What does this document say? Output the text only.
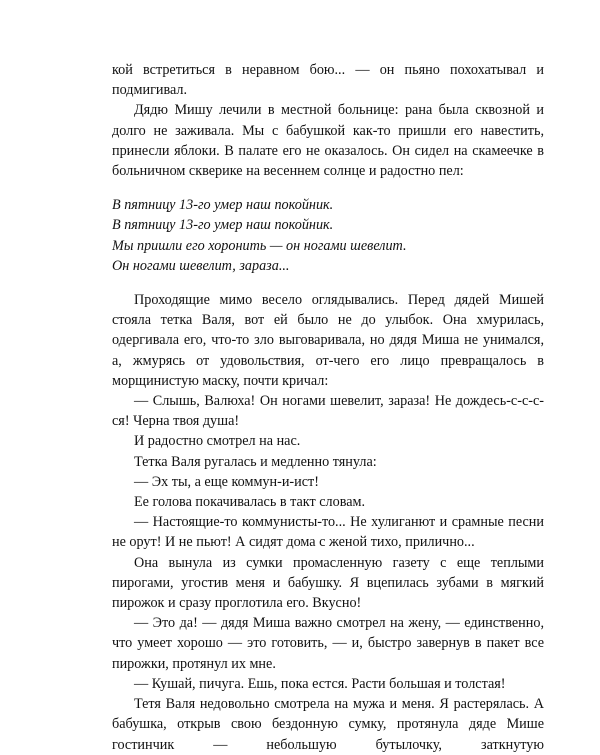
кой встретиться в неравном бою... — он пьяно похохатывал и подмигивал.

Дядю Мишу лечили в местной больнице: рана была сквозной и долго не заживала. Мы с бабушкой как-то пришли его навестить, принесли яблоки. В палате его не оказалось. Он сидел на скамеечке в больничном скверике на весеннем солнце и радостно пел:

В пятницу 13-го умер наш покойник.
В пятницу 13-го умер наш покойник.
Мы пришли его хоронить — он ногами шевелит.
Он ногами шевелит, зараза...

Проходящие мимо весело оглядывались. Перед дядей Мишей стояла тетка Валя, вот ей было не до улыбок. Она хмурилась, одергивала его, что-то зло выговаривала, но дядя Миша не унимался, а, жмурясь от удовольствия, от-чего его лицо превращалось в морщинистую маску, почти кричал:

— Слышь, Валюха! Он ногами шевелит, зараза! Не дождесь-с-с-с-ся! Черна твоя душа!

И радостно смотрел на нас.

Тетка Валя ругалась и медленно тянула:

— Эх ты, а еще коммун-и-ист!

Ее голова покачивалась в такт словам.

— Настоящие-то коммунисты-то... Не хулиганют и срамные песни не орут! И не пьют! А сидят дома с женой тихо, прилично...

Она вынула из сумки промасленную газету с еще теплыми пирогами, угостив меня и бабушку. Я вцепилась зубами в мягкий пирожок и сразу проглотила его. Вкусно!

— Это да! — дядя Миша важно смотрел на жену, — единственно, что умеет хорошо — это готовить, — и, быстро завернув в пакет все пирожки, протянул их мне.

— Кушай, пичуга. Ешь, пока естся. Расти большая и толстая!

Тетя Валя недовольно смотрела на мужа и меня. Я растерялась. А бабушка, открыв свою бездонную сумку, протянула дяде Мише гостинчик — небольшую бутылочку, заткнутую
